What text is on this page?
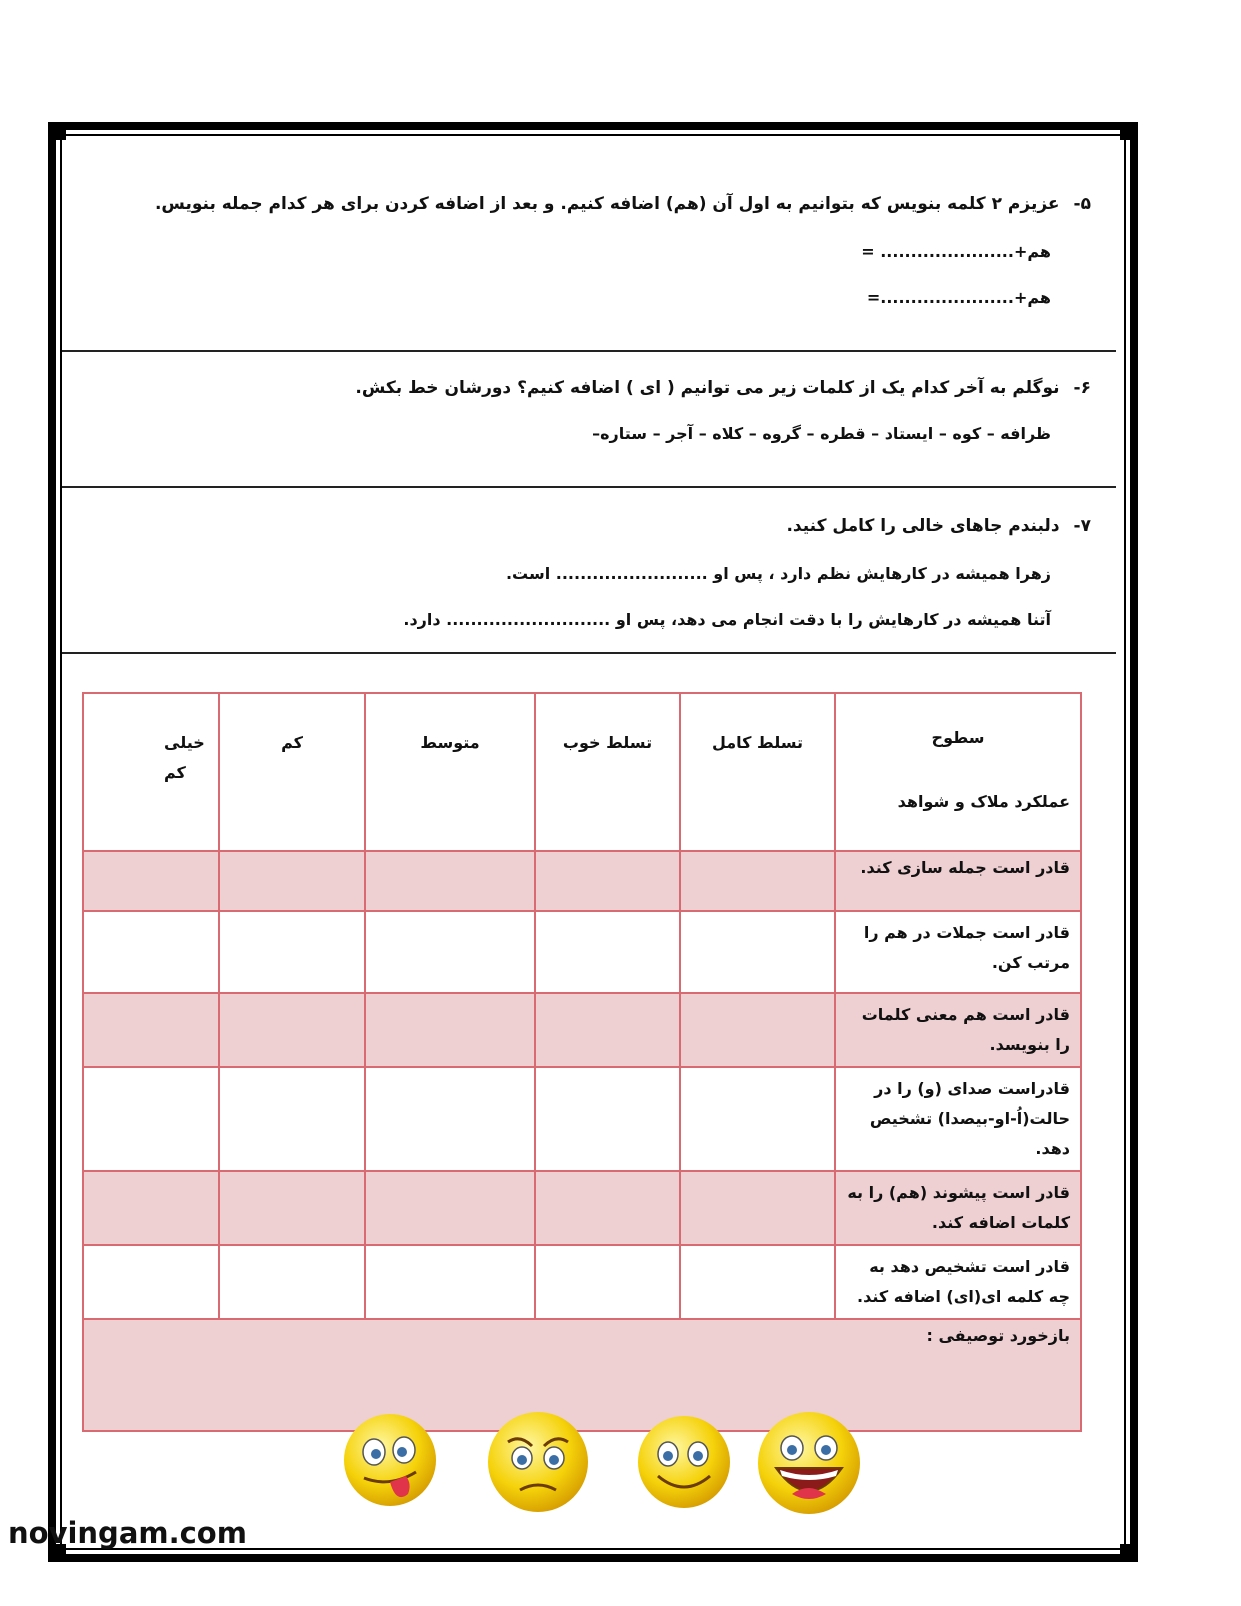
۵-عزیزم ۲ کلمه بنویس که بتوانیم به اول آن (هم) اضافه کنیم. و بعد از اضافه کردن برای هر کدام جمله بنویس.
هم+...................... =
هم+......................=
۶-نوگلم به آخر کدام یک از کلمات زیر می توانیم ( ای ) اضافه کنیم؟ دورشان خط بکش.
ظرافه – کوه – ایستاد – قطره – گروه – کلاه – آجر – ستاره–
۷-دلبندم جاهای خالی را کامل کنید.
زهرا همیشه در کارهایش نظم دارد ، پس او ......................... است.
آتنا همیشه در کارهایش را با دقت انجام می دهد، پس او ........................... دارد.
سطوح
عملکرد ملاک و شواهد	تسلط کامل	تسلط خوب	متوسط	کم	خیلی کم

قادر است جمله سازی کند.					
قادر است جملات در هم را مرتب کن.					
قادر است هم معنی کلمات را بنویسد.					
قادراست صدای (و) را در حالت(اُ-او-بیصدا) تشخیص دهد.					
قادر است پیشوند (هم) را به کلمات اضافه کند.					
قادر است تشخیص دهد به چه کلمه ای(ای) اضافه کند.					
بازخورد توصیفی :					
novingam.com
